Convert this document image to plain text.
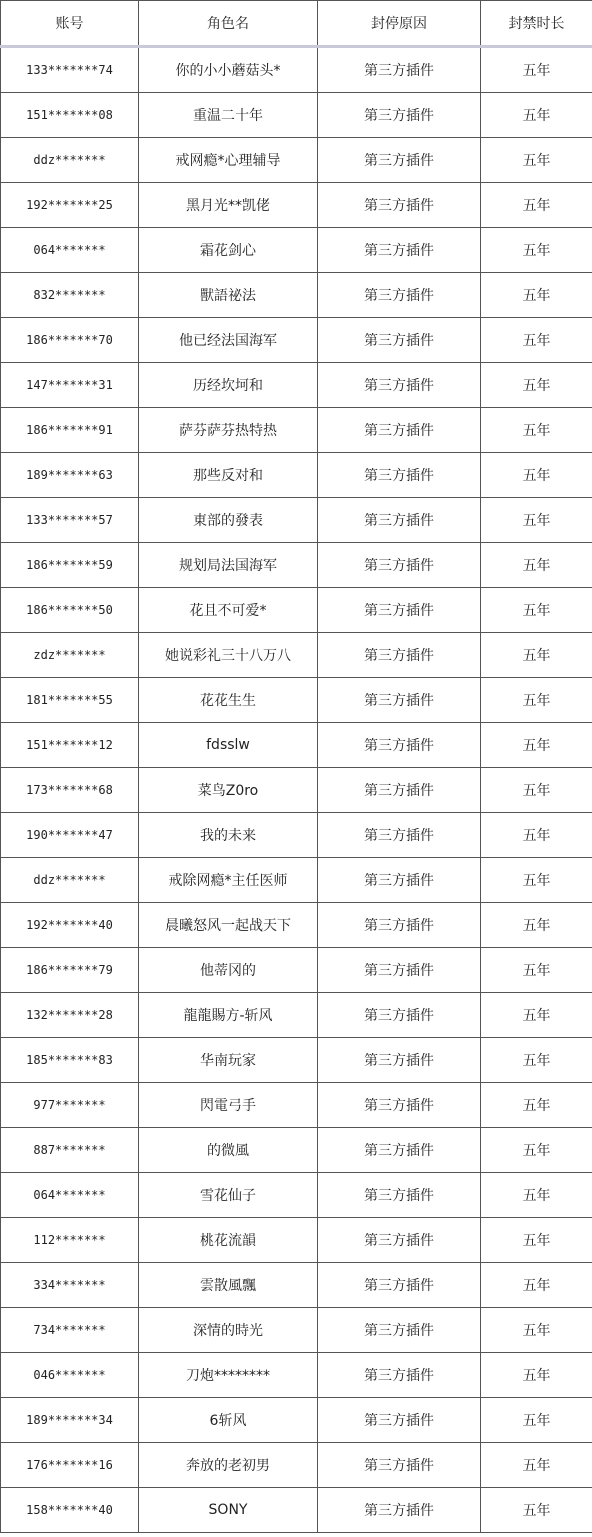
账号	角色名	封停原因	封禁时长
133*******74	你的小小蘑菇头*	第三方插件	五年
151*******08	重温二十年	第三方插件	五年
ddz*******	戒网瘾*心理辅导	第三方插件	五年
192*******25	黑月光**凯佬	第三方插件	五年
064*******	霜花剑心	第三方插件	五年
832*******	獸語祕法	第三方插件	五年
186*******70	他已经法国海军	第三方插件	五年
147*******31	历经坎坷和	第三方插件	五年
186*******91	萨芬萨芬热特热	第三方插件	五年
189*******63	那些反对和	第三方插件	五年
133*******57	東部的發表	第三方插件	五年
186*******59	规划局法国海军	第三方插件	五年
186*******50	花且不可爱*	第三方插件	五年
zdz*******	她说彩礼三十八万八	第三方插件	五年
181*******55	花花生生	第三方插件	五年
151*******12	fdsslw	第三方插件	五年
173*******68	菜鸟Z0ro	第三方插件	五年
190*******47	我的未来	第三方插件	五年
ddz*******	戒除网瘾*主任医师	第三方插件	五年
192*******40	晨曦怒风一起战天下	第三方插件	五年
186*******79	他蒂冈的	第三方插件	五年
132*******28	龍龍賜方-斩风	第三方插件	五年
185*******83	华南玩家	第三方插件	五年
977*******	閃電弓手	第三方插件	五年
887*******	的微風	第三方插件	五年
064*******	雪花仙子	第三方插件	五年
112*******	桃花流韻	第三方插件	五年
334*******	雲散風飄	第三方插件	五年
734*******	深情的時光	第三方插件	五年
046*******	刀炮********	第三方插件	五年
189*******34	6斩风	第三方插件	五年
176*******16	奔放的老初男	第三方插件	五年
158*******40	SONY	第三方插件	五年
